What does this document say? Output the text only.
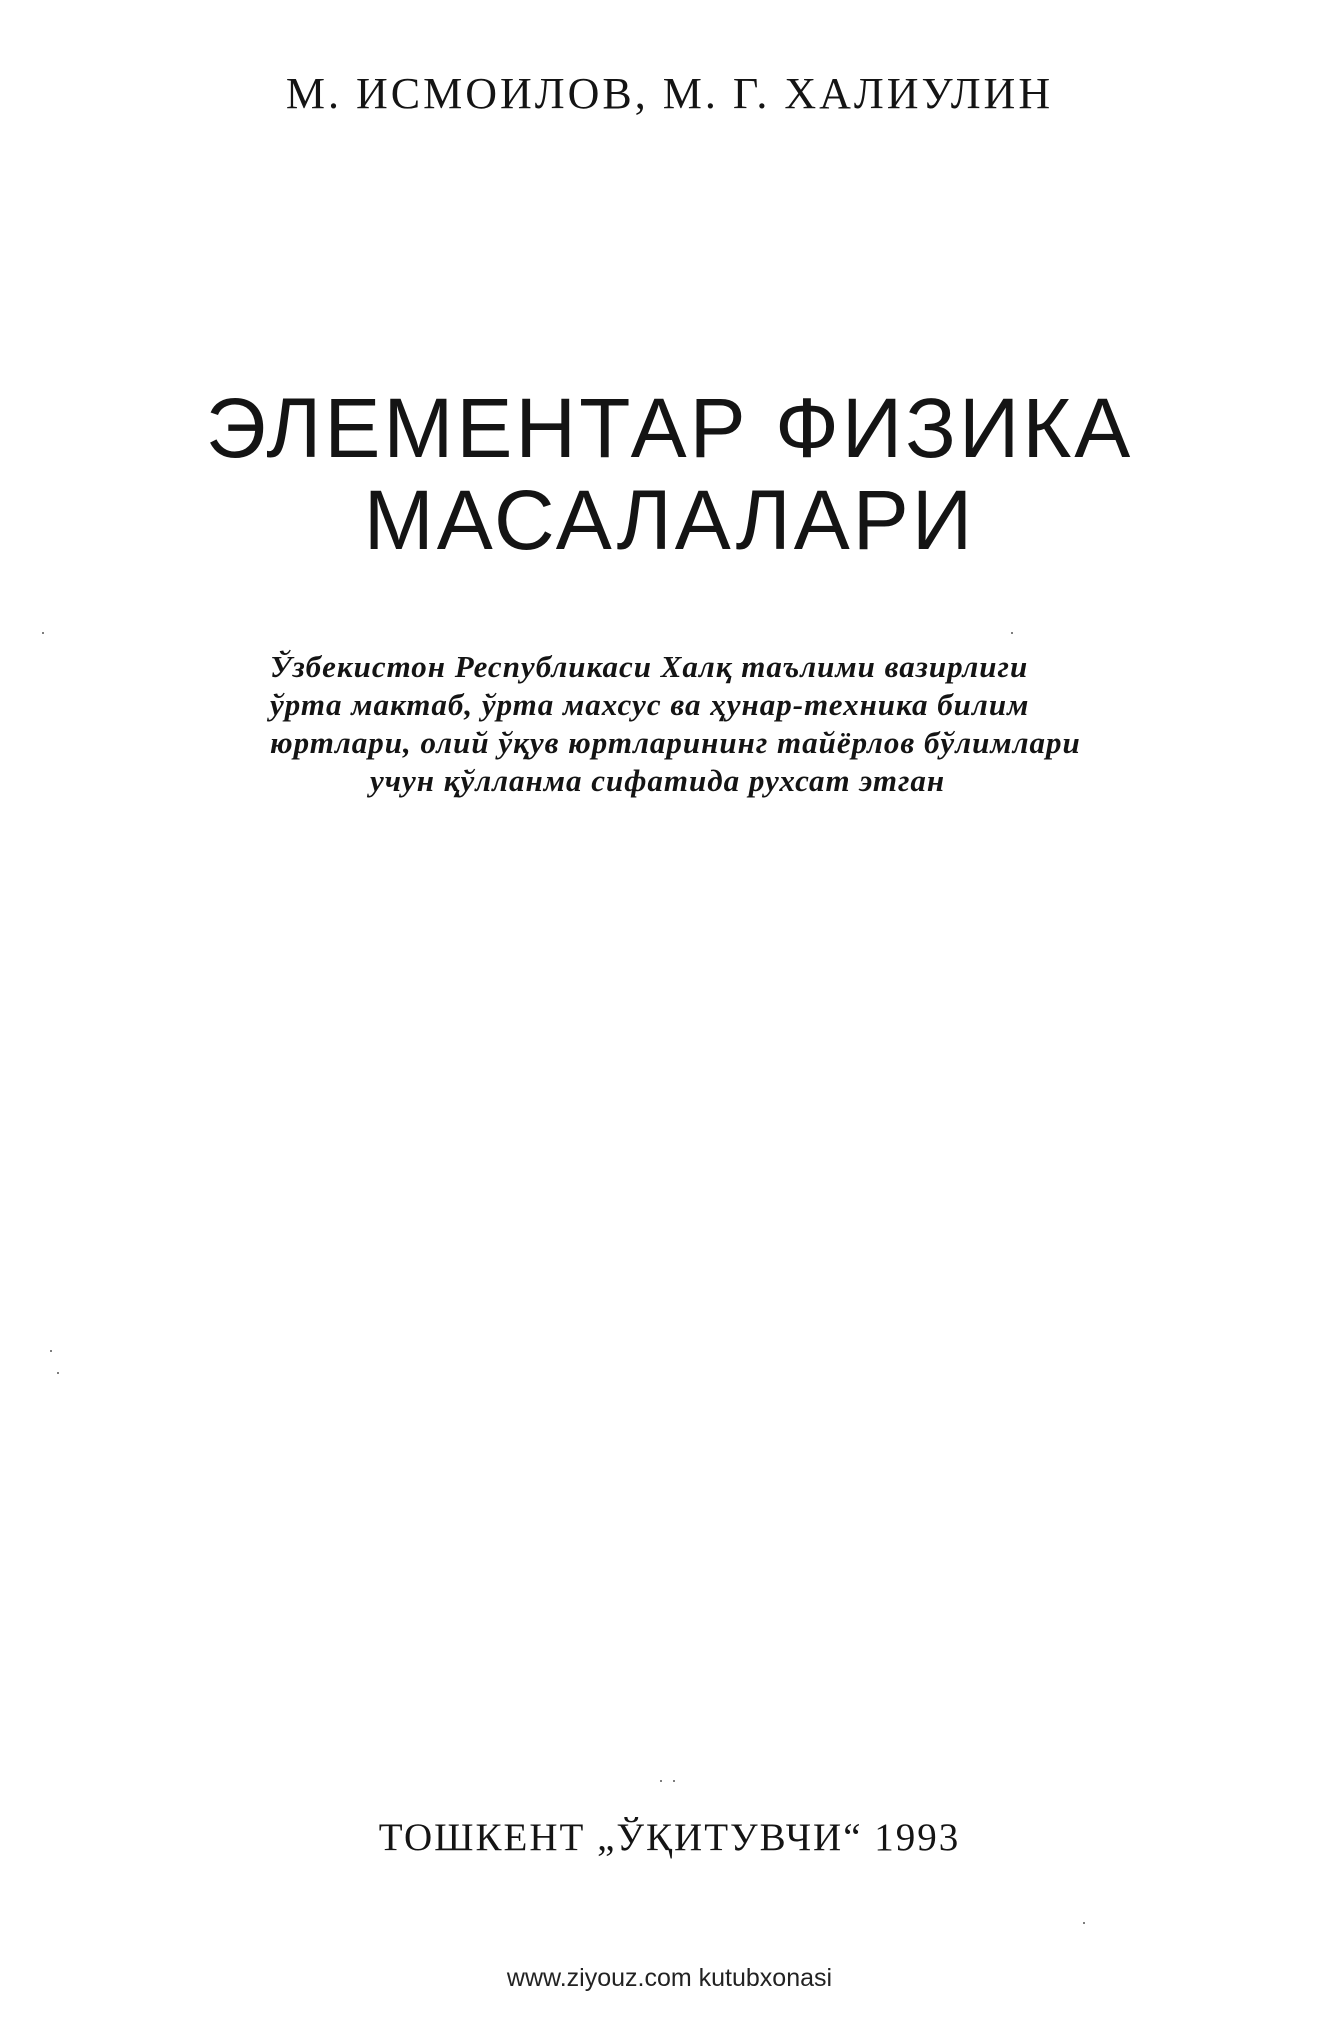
М. ИСМОИЛОВ, М. Г. ХАЛИУЛИН
ЭЛЕМЕНТАР ФИЗИКА
МАСАЛАЛАРИ
Ўзбекистон Республикаси Халқ таълими вазирлиги
ўрта мактаб, ўрта махсус ва ҳунар-техника билим
юртлари, олий ўқув юртларининг тайёрлов бўлимлари
учун қўлланма сифатида рухсат этган
ТОШКЕНТ „ЎҚИТУВЧИ“ 1993
www.ziyouz.com kutubxonasi
